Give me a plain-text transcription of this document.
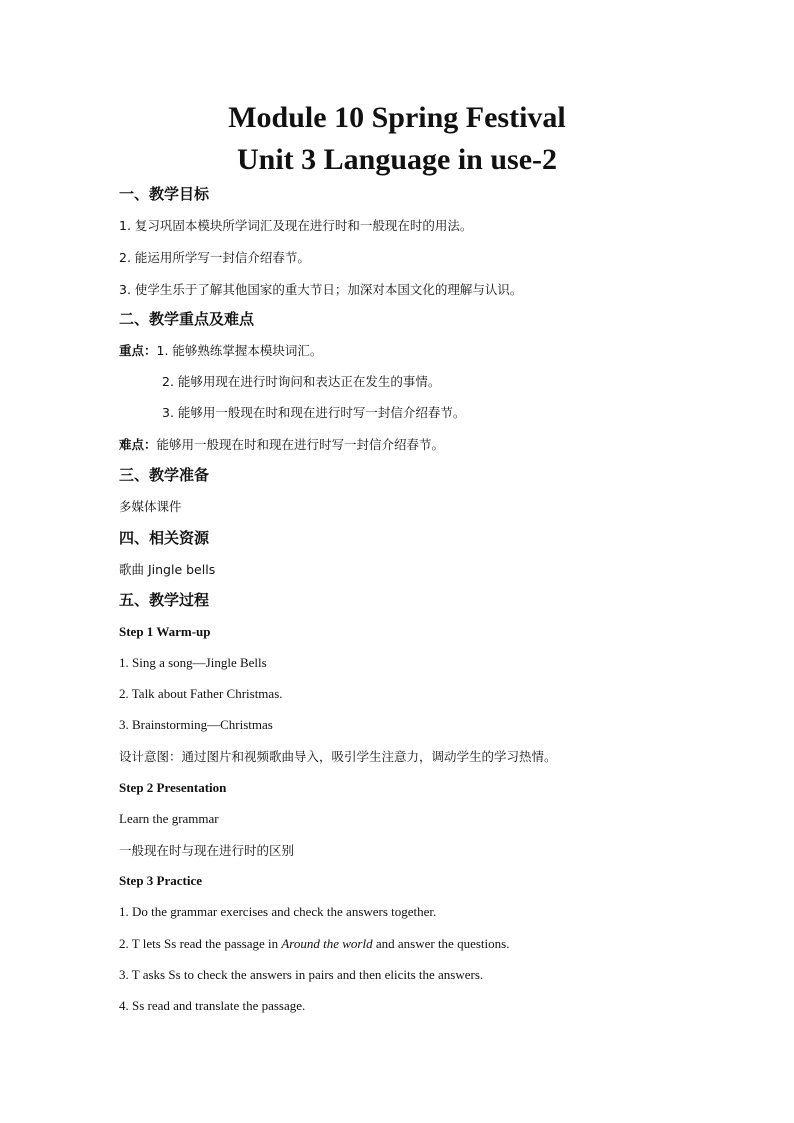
Module 10 Spring Festival
Unit 3 Language in use-2
一、教学目标
1. 复习巩固本模块所学词汇及现在进行时和一般现在时的用法。
2. 能运用所学写一封信介绍春节。
3. 使学生乐于了解其他国家的重大节日；加深对本国文化的理解与认识。
二、教学重点及难点
重点：1. 能够熟练掌握本模块词汇。
2. 能够用现在进行时询问和表达正在发生的事情。
3. 能够用一般现在时和现在进行时写一封信介绍春节。
难点：能够用一般现在时和现在进行时写一封信介绍春节。
三、教学准备
多媒体课件
四、相关资源
歌曲 Jingle bells
五、教学过程
Step 1 Warm-up
1. Sing a song—Jingle Bells
2. Talk about Father Christmas.
3. Brainstorming—Christmas
设计意图：通过图片和视频歌曲导入，吸引学生注意力，调动学生的学习热情。
Step 2 Presentation
Learn the grammar
一般现在时与现在进行时的区别
Step 3 Practice
1. Do the grammar exercises and check the answers together.
2. T lets Ss read the passage in Around the world and answer the questions.
3. T asks Ss to check the answers in pairs and then elicits the answers.
4. Ss read and translate the passage.
